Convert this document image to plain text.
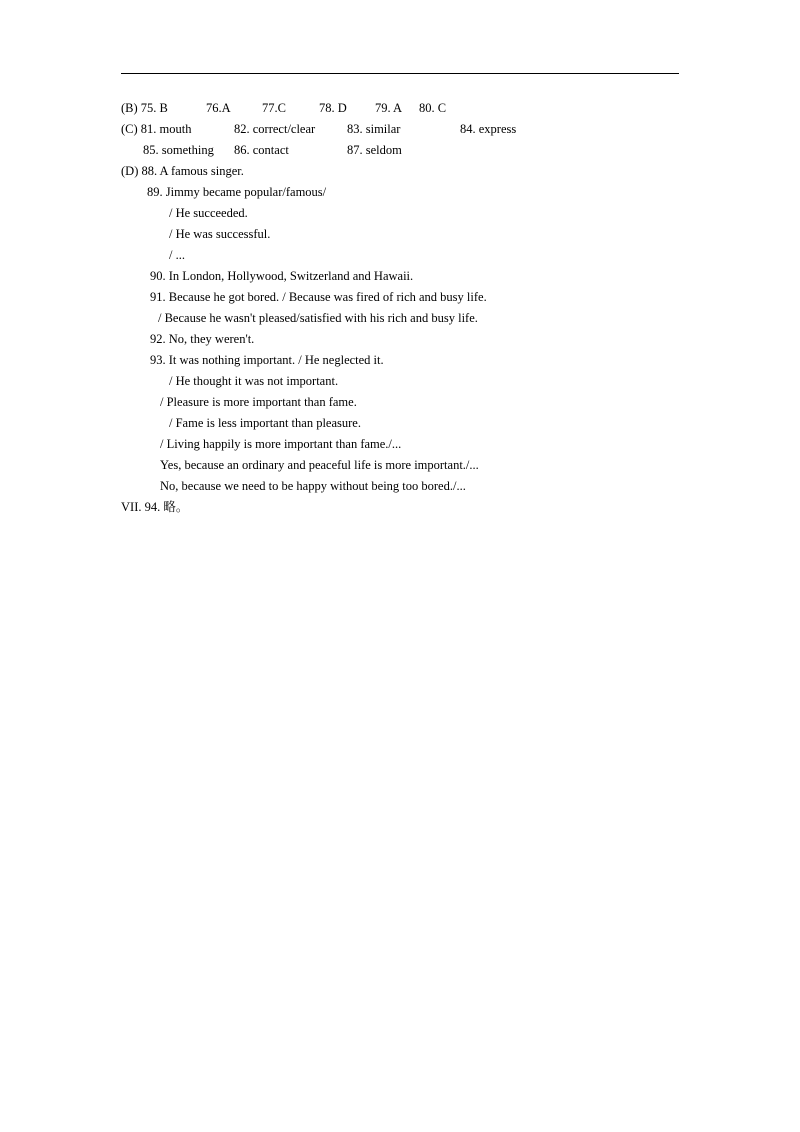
(B) 75. B	76.A	77.C	78. D 79. A 80. C
(C) 81. mouth	82. correct/clear	83. similar	84. express
85. something 86. contact	87. seldom
(D) 88. A famous singer.
89. Jimmy became popular/famous/
/ He succeeded.
/ He was successful.
/ ...
90. In London, Hollywood, Switzerland and Hawaii.
91. Because he got bored. / Because was fired of rich and busy life.
/ Because he wasn't pleased/satisfied with his rich and busy life.
92. No, they weren't.
93. It was nothing important. / He neglected it.
/ He thought it was not important.
/ Pleasure is more important than fame.
/ Fame is less important than pleasure.
/ Living happily is more important than fame./...
Yes, because an ordinary and peaceful life is more important./...
No, because we need to be happy without being too bored./...
VII. 94. 略。
